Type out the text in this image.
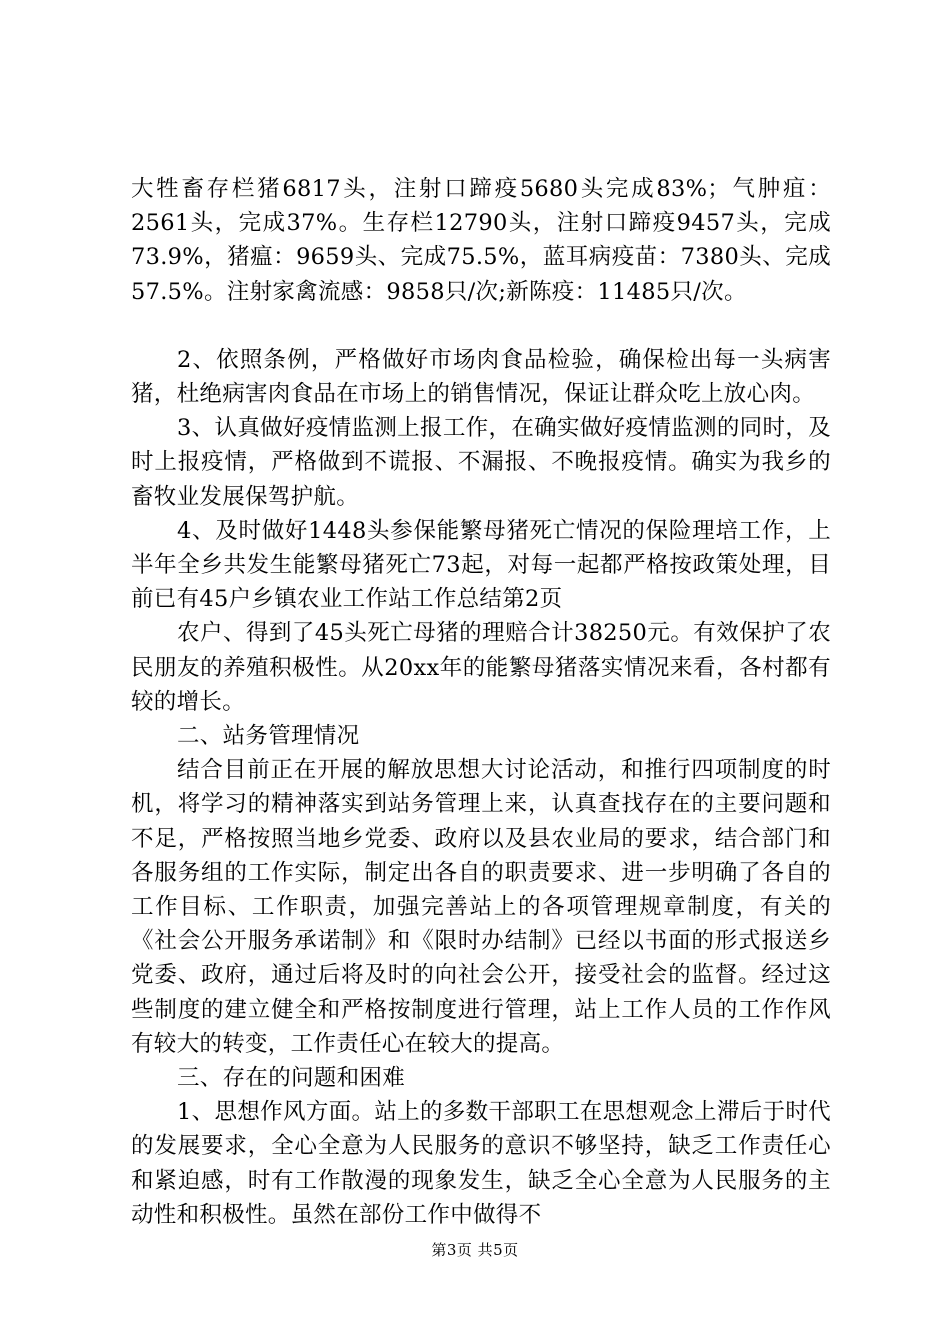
大牲畜存栏猪6817头，注射口蹄疫5680头完成83%；气肿疽：2561头，完成37%。生存栏12790头，注射口蹄疫9457头，完成73.9%，猪瘟：9659头、完成75.5%，蓝耳病疫苗：7380头、完成57.5%。注射家禽流感：9858只/次;新陈疫：11485只/次。

2、依照条例，严格做好市场肉食品检验，确保检出每一头病害猪，杜绝病害肉食品在市场上的销售情况，保证让群众吃上放心肉。

3、认真做好疫情监测上报工作，在确实做好疫情监测的同时，及时上报疫情，严格做到不谎报、不漏报、不晚报疫情。确实为我乡的畜牧业发展保驾护航。

4、及时做好1448头参保能繁母猪死亡情况的保险理培工作，上半年全乡共发生能繁母猪死亡73起，对每一起都严格按政策处理，目前已有45户乡镇农业工作站工作总结第2页

农户、得到了45头死亡母猪的理赔合计38250元。有效保护了农民朋友的养殖积极性。从20xx年的能繁母猪落实情况来看，各村都有较的增长。

二、站务管理情况

结合目前正在开展的解放思想大讨论活动，和推行四项制度的时机，将学习的精神落实到站务管理上来，认真查找存在的主要问题和不足，严格按照当地乡党委、政府以及县农业局的要求，结合部门和各服务组的工作实际，制定出各自的职责要求、进一步明确了各自的工作目标、工作职责，加强完善站上的各项管理规章制度，有关的《社会公开服务承诺制》和《限时办结制》已经以书面的形式报送乡党委、政府，通过后将及时的向社会公开，接受社会的监督。经过这些制度的建立健全和严格按制度进行管理，站上工作人员的工作作风有较大的转变，工作责任心在较大的提高。

三、存在的问题和困难

1、思想作风方面。站上的多数干部职工在思想观念上滞后于时代的发展要求，全心全意为人民服务的意识不够坚持，缺乏工作责任心和紧迫感，时有工作散漫的现象发生，缺乏全心全意为人民服务的主动性和积极性。虽然在部份工作中做得不

第3页 共5页
